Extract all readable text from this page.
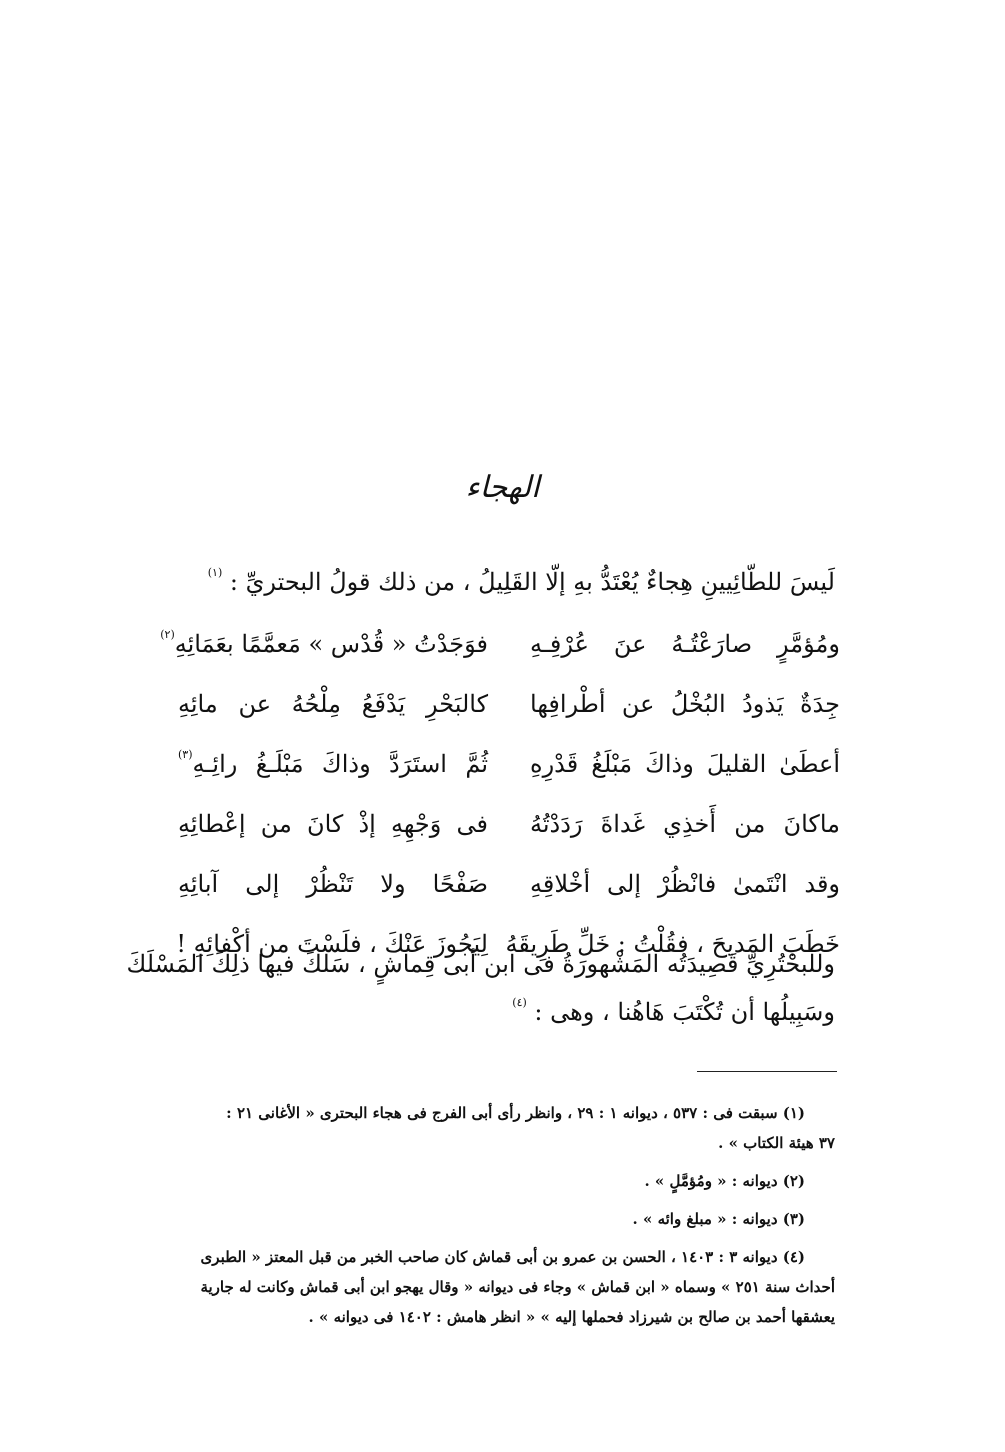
الهجاء
لَيسَ للطّائِيينِ هِجاءٌ يُعْتَدُّ بهِ إلّا القَلِيلُ ، من ذلك قولُ البحتريِّ : $^{(١)}$
ومُؤمَّرٍ صارَعْتُـهُ عنَ عُرْفِـهِ
فوَجَدْتُ « قُدْس » مَعمَّمًا بعَمَائِهِ$^{(٢)}$
جِدَةٌ يَذودُ البُخْلُ عن أطْرافِها
كالبَحْرِ يَدْفَعُ مِلْحُهُ عن مائِهِ
أعطَىٰ القليلَ وذاكَ مَبْلَغُ قَدْرِهِ
ثُمَّ استَرَدَّ وذاكَ مَبْلَـغُ رائِـهِ$^{(٣)}$
ماكانَ من أَخذِي غَداةَ رَدَدْتُهُ
فى وَجْهِهِ إذْ كانَ من إعْطائِهِ
وقد انْتَمىٰ فانْظُرْ إلى أخْلاقِهِ
صَفْحًا ولا تَنْظُرْ إلى آبائِهِ
خَطَبَ المَديحَ ، فقُلْتُ : خَلِّ طَرِيقَهُ
لِيَجُوزَ عَنْكَ ، فلَسْتَ من أكْفائِهِ !
وللبحْتُرِيِّ قَصِيدَتُه المَشْهورَةُ فى ابن أبى قِماشٍ ، سَلكَ فيها ذلِكَ المَسْلَكَ
وسَبِيلُها أن تُكْتَبَ هَاهُنا ، وهى : $^{(٤)}$
(١) سبقت فى : ٥٣٧ ، ديوانه ١ : ٢٩ ، وانظر رأى أبى الفرج فى هجاء البحترى « الأغانى ٢١ :
٣٧ هيئة الكتاب » .
(٢) ديوانه : « ومُؤمَّلٍ » .
(٣) ديوانه : « مبلغ وائه » .
(٤) ديوانه ٣ : ١٤٠٣ ، الحسن بن عمرو بن أبى قماش كان صاحب الخبر من قبل المعتز « الطبرى
أحداث سنة ٢٥١ » وسماه « ابن قماش » وجاء فى ديوانه « وقال يهجو ابن أبى قماش وكانت له جارية
يعشقها أحمد بن صالح بن شيرزاد فحملها إليه » « انظر هامش : ١٤٠٢ فى ديوانه » .
